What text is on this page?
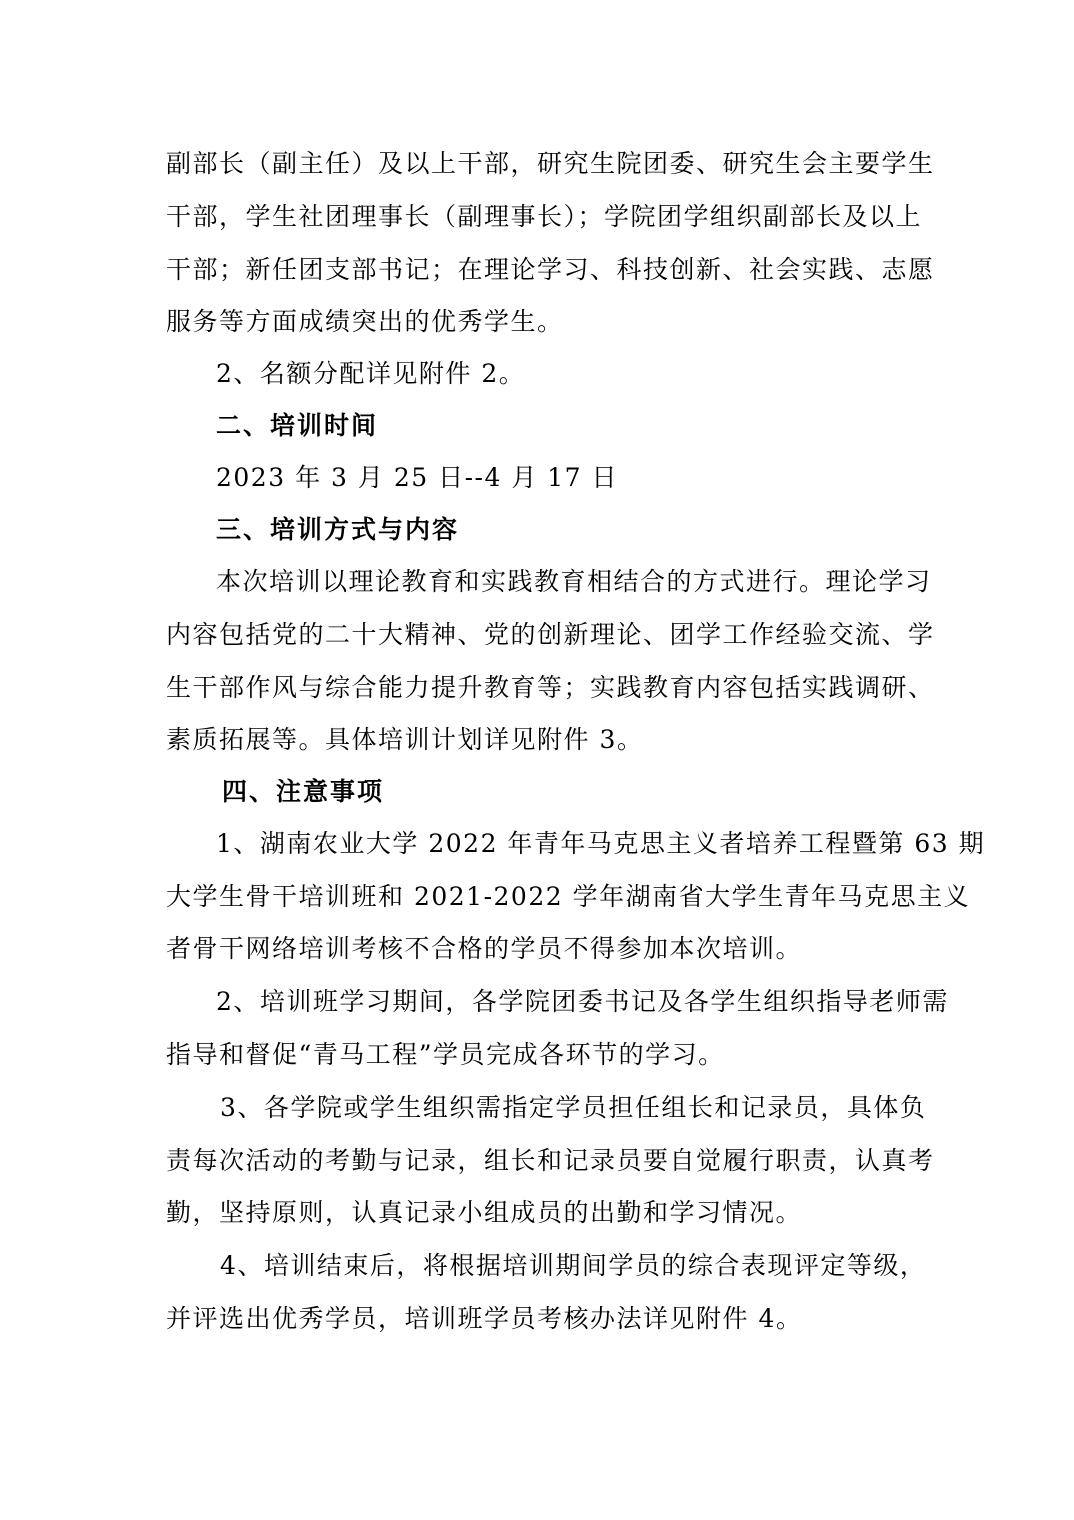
副部长（副主任）及以上干部，研究生院团委、研究生会主要学生
干部，学生社团理事长（副理事长）；学院团学组织副部长及以上
干部；新任团支部书记；在理论学习、科技创新、社会实践、志愿
服务等方面成绩突出的优秀学生。
2、名额分配详见附件 2。
二、培训时间
2023 年 3 月 25 日--4 月 17 日
三、培训方式与内容
本次培训以理论教育和实践教育相结合的方式进行。理论学习
内容包括党的二十大精神、党的创新理论、团学工作经验交流、学
生干部作风与综合能力提升教育等；实践教育内容包括实践调研、
素质拓展等。具体培训计划详见附件 3。
四、注意事项
1、湖南农业大学 2022 年青年马克思主义者培养工程暨第 63 期
大学生骨干培训班和 2021-2022 学年湖南省大学生青年马克思主义
者骨干网络培训考核不合格的学员不得参加本次培训。
2、培训班学习期间，各学院团委书记及各学生组织指导老师需
指导和督促“青马工程”学员完成各环节的学习。
3、各学院或学生组织需指定学员担任组长和记录员，具体负
责每次活动的考勤与记录，组长和记录员要自觉履行职责，认真考
勤，坚持原则，认真记录小组成员的出勤和学习情况。
4、培训结束后，将根据培训期间学员的综合表现评定等级，
并评选出优秀学员，培训班学员考核办法详见附件 4。
